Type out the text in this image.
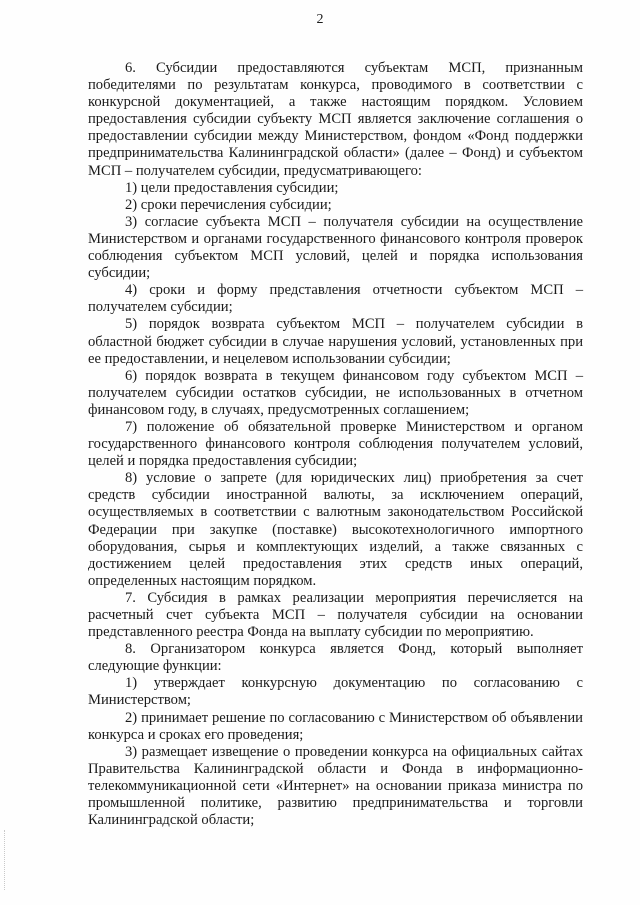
2

6. Субсидии предоставляются субъектам МСП, признанным победителями по результатам конкурса, проводимого в соответствии с конкурсной документацией, а также настоящим порядком. Условием предоставления субсидии субъекту МСП является заключение соглашения о предоставлении субсидии между Министерством, фондом «Фонд поддержки предпринимательства Калининградской области» (далее – Фонд) и субъектом МСП – получателем субсидии, предусматривающего:

1) цели предоставления субсидии;

2) сроки перечисления субсидии;

3) согласие субъекта МСП – получателя субсидии на осуществление Министерством и органами государственного финансового контроля проверок соблюдения субъектом МСП условий, целей и порядка использования субсидии;

4) сроки и форму представления отчетности субъектом МСП – получателем субсидии;

5) порядок возврата субъектом МСП – получателем субсидии в областной бюджет субсидии в случае нарушения условий, установленных при ее предоставлении, и нецелевом использовании субсидии;

6) порядок возврата в текущем финансовом году субъектом МСП – получателем субсидии остатков субсидии, не использованных в отчетном финансовом году, в случаях, предусмотренных соглашением;

7) положение об обязательной проверке Министерством и органом государственного финансового контроля соблюдения получателем условий, целей и порядка предоставления субсидии;

8) условие о запрете (для юридических лиц) приобретения за счет средств субсидии иностранной валюты, за исключением операций, осуществляемых в соответствии с валютным законодательством Российской Федерации при закупке (поставке) высокотехнологичного импортного оборудования, сырья и комплектующих изделий, а также связанных с достижением целей предоставления этих средств иных операций, определенных настоящим порядком.

7. Субсидия в рамках реализации мероприятия перечисляется на расчетный счет субъекта МСП – получателя субсидии на основании представленного реестра Фонда на выплату субсидии по мероприятию.

8. Организатором конкурса является Фонд, который выполняет следующие функции:

1) утверждает конкурсную документацию по согласованию с Министерством;

2) принимает решение по согласованию с Министерством об объявлении конкурса и сроках его проведения;

3) размещает извещение о проведении конкурса на официальных сайтах Правительства Калининградской области и Фонда в информационно-телекоммуникационной сети «Интернет» на основании приказа министра по промышленной политике, развитию предпринимательства и торговли Калининградской области;
